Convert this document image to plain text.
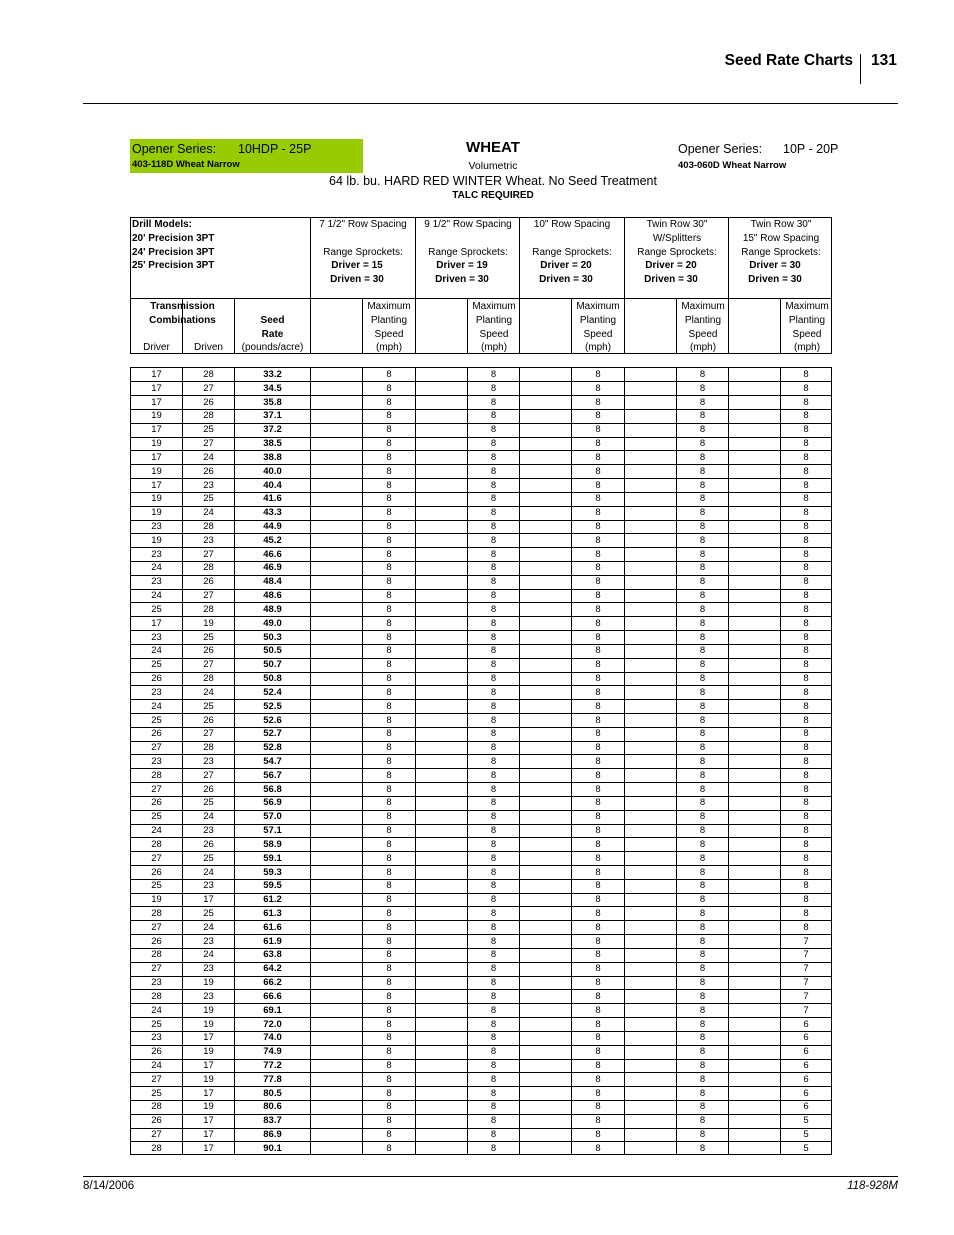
Seed Rate Charts 131
Opener Series: 10HDP - 25P
403-118D Wheat Narrow
Opener Series: 10P - 20P
403-060D Wheat Narrow
WHEAT
Volumetric
64 lb. bu. HARD RED WINTER Wheat. No Seed Treatment
TALC REQUIRED
Drill Models:
20' Precision 3PT
24' Precision 3PT
25' Precision 3PT
7 1/2" Row Spacing
Range Sprockets:
Driver = 15
Driven = 30
Maximum
Planting
Speed
(mph)
9 1/2" Row Spacing
Range Sprockets:
Driver = 19
Driven = 30
Maximum
Planting
Speed
(mph)
10" Row Spacing
Range Sprockets:
Driver = 20
Driven = 30
Maximum
Planting
Speed
(mph)
Twin Row 30"
W/Splitters
Range Sprockets:
Driver = 20
Driven = 30
Maximum
Planting
Speed
(mph)
Twin Row 30"
15" Row Spacing
Range Sprockets:
Driver = 30
Driven = 30
Maximum
Planting
Speed
(mph)
Transmission
Combinations
Driver	Driven
Seed
Rate
(pounds/acre)
17	28	33.2	8	8	8	8	8
17	27	34.5	8	8	8	8	8
17	26	35.8	8	8	8	8	8
19	28	37.1	8	8	8	8	8
17	25	37.2	8	8	8	8	8
19	27	38.5	8	8	8	8	8
17	24	38.8	8	8	8	8	8
19	26	40.0	8	8	8	8	8
17	23	40.4	8	8	8	8	8
19	25	41.6	8	8	8	8	8
19	24	43.3	8	8	8	8	8
23	28	44.9	8	8	8	8	8
19	23	45.2	8	8	8	8	8
23	27	46.6	8	8	8	8	8
24	28	46.9	8	8	8	8	8
23	26	48.4	8	8	8	8	8
24	27	48.6	8	8	8	8	8
25	28	48.9	8	8	8	8	8
17	19	49.0	8	8	8	8	8
23	25	50.3	8	8	8	8	8
24	26	50.5	8	8	8	8	8
25	27	50.7	8	8	8	8	8
26	28	50.8	8	8	8	8	8
23	24	52.4	8	8	8	8	8
24	25	52.5	8	8	8	8	8
25	26	52.6	8	8	8	8	8
26	27	52.7	8	8	8	8	8
27	28	52.8	8	8	8	8	8
23	23	54.7	8	8	8	8	8
28	27	56.7	8	8	8	8	8
27	26	56.8	8	8	8	8	8
26	25	56.9	8	8	8	8	8
25	24	57.0	8	8	8	8	8
24	23	57.1	8	8	8	8	8
28	26	58.9	8	8	8	8	8
27	25	59.1	8	8	8	8	8
26	24	59.3	8	8	8	8	8
25	23	59.5	8	8	8	8	8
19	17	61.2	8	8	8	8	8
28	25	61.3	8	8	8	8	8
27	24	61.6	8	8	8	8	8
26	23	61.9	8	8	8	8	7
28	24	63.8	8	8	8	8	7
27	23	64.2	8	8	8	8	7
23	19	66.2	8	8	8	8	7
28	23	66.6	8	8	8	8	7
24	19	69.1	8	8	8	8	7
25	19	72.0	8	8	8	8	6
23	17	74.0	8	8	8	8	6
26	19	74.9	8	8	8	8	6
24	17	77.2	8	8	8	8	6
27	19	77.8	8	8	8	8	6
25	17	80.5	8	8	8	8	6
28	19	80.6	8	8	8	8	6
26	17	83.7	8	8	8	8	5
27	17	86.9	8	8	8	8	5
28	17	90.1	8	8	8	8	5
8/14/2006	118-928M
